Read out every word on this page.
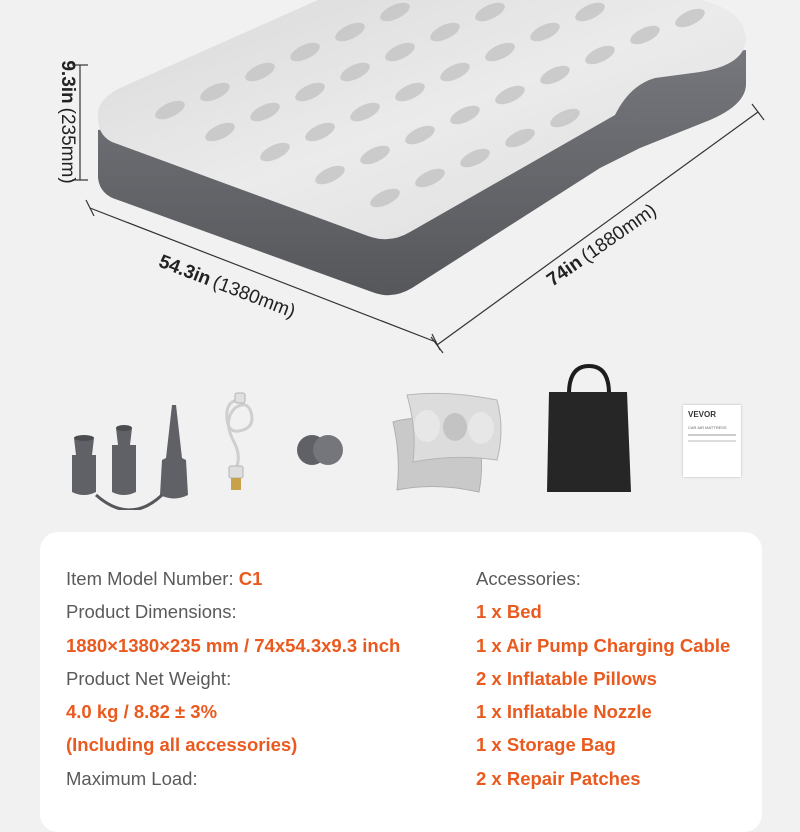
9.3in(235mm)
54.3in(1380mm)
74in(1880mm)
VEVOR
CAR AIR MATTRESS
Item Model Number: C1
Product Dimensions:
1880×1380×235 mm / 74x54.3x9.3 inch
Product Net Weight:
4.0 kg / 8.82 ± 3%
(Including all accessories)
Maximum Load:
Accessories:
1 x Bed
1 x Air Pump Charging Cable
2 x Inflatable Pillows
1 x Inflatable Nozzle
1 x Storage Bag
2 x Repair Patches
